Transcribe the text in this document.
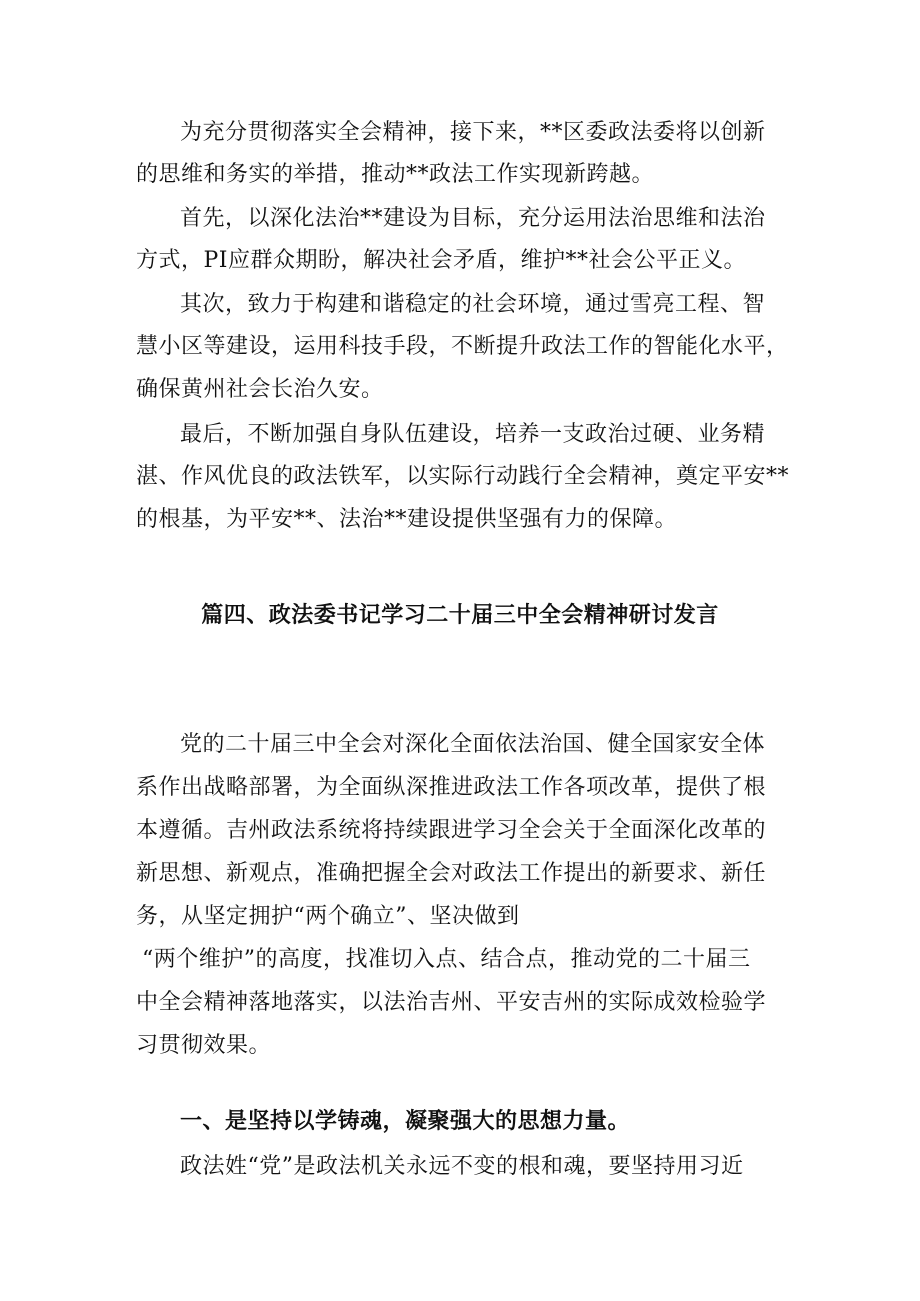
为充分贯彻落实全会精神，接下来，**区委政法委将以创新
的思维和务实的举措，推动**政法工作实现新跨越。
首先，以深化法治**建设为目标，充分运用法治思维和法治
方式，PI应群众期盼，解决社会矛盾，维护**社会公平正义。
其次，致力于构建和谐稳定的社会环境，通过雪亮工程、智
慧小区等建设，运用科技手段，不断提升政法工作的智能化水平，
确保黄州社会长治久安。
最后，不断加强自身队伍建设，培养一支政治过硬、业务精
湛、作风优良的政法铁军，以实际行动践行全会精神，奠定平安**
的根基，为平安**、法治**建设提供坚强有力的保障。
篇四、政法委书记学习二十届三中全会精神研讨发言
党的二十届三中全会对深化全面依法治国、健全国家安全体
系作出战略部署，为全面纵深推进政法工作各项改革，提供了根
本遵循。吉州政法系统将持续跟进学习全会关于全面深化改革的
新思想、新观点，准确把握全会对政法工作提出的新要求、新任
务，从坚定拥护“两个确立”、坚决做到
“两个维护”的高度，找准切入点、结合点，推动党的二十届三
中全会精神落地落实，以法治吉州、平安吉州的实际成效检验学
习贯彻效果。
一、是坚持以学铸魂，凝聚强大的思想力量。
政法姓“党”是政法机关永远不变的根和魂，要坚持用习近
